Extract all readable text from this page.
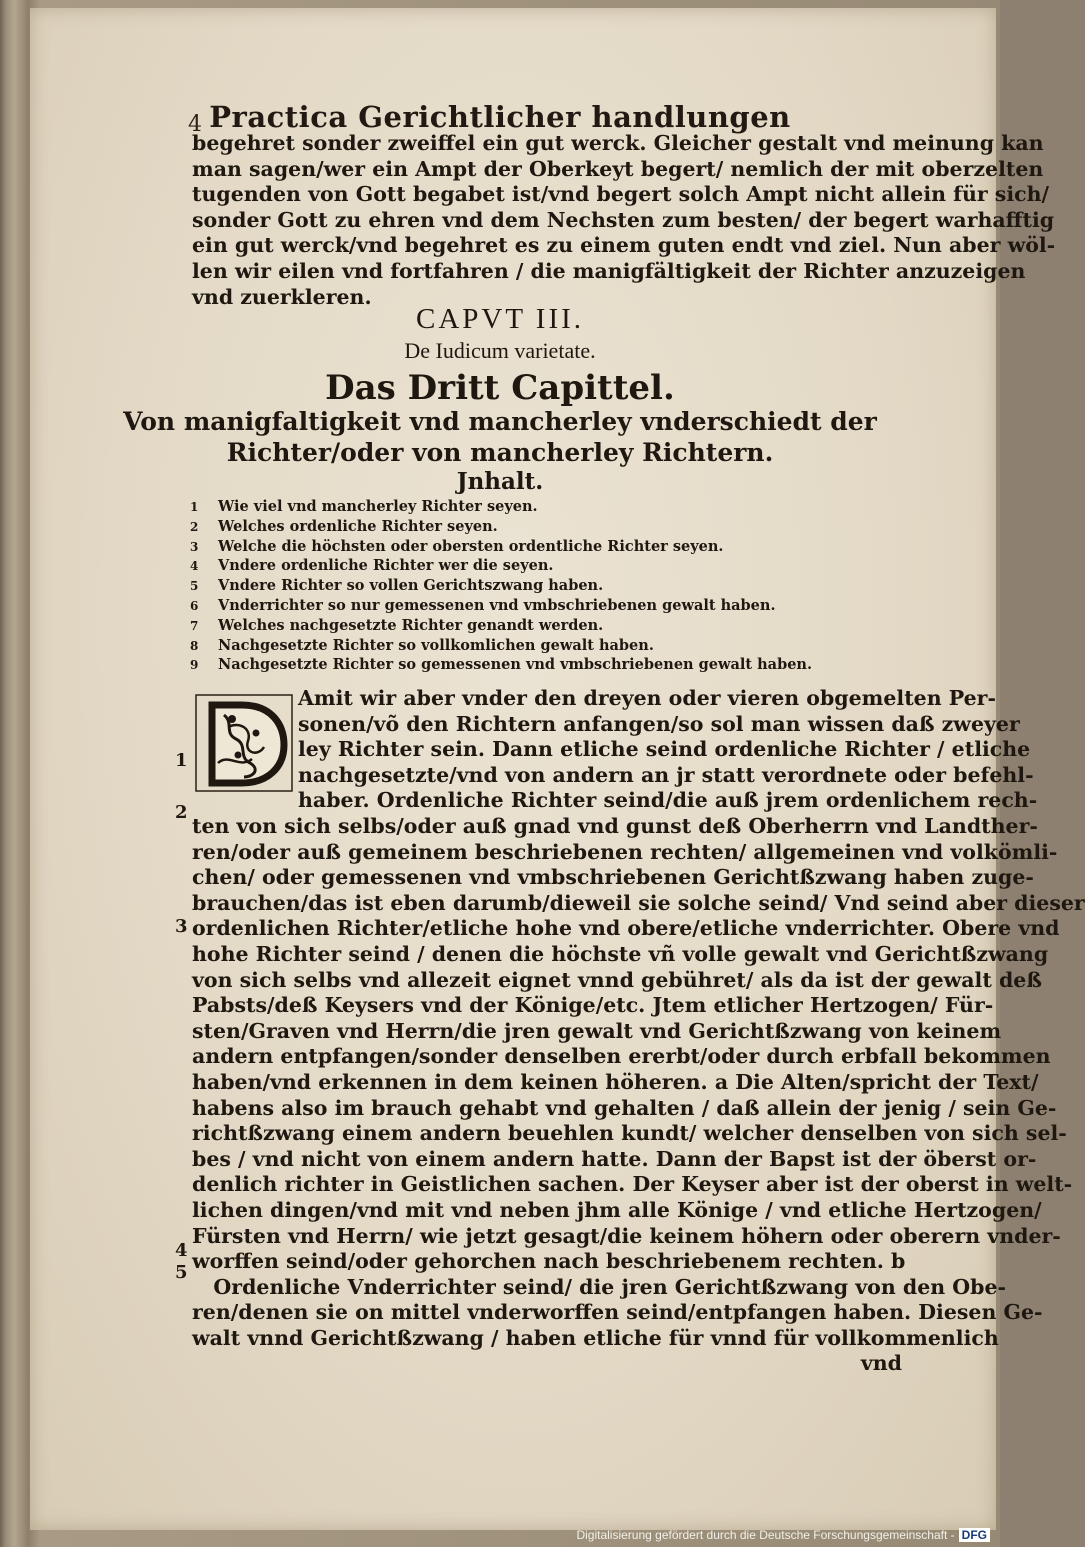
4 Practica Gerichtlicher handlungen
begehret sonder zweiffel ein gut werck. Gleicher gestalt vnd meinung kan
man sagen/wer ein Ampt der Oberkeyt begert/ nemlich der mit oberzelten
tugenden von Gott begabet ist/vnd begert solch Ampt nicht allein für sich/
sonder Gott zu ehren vnd dem Nechsten zum besten/ der begert warhafftig
ein gut werck/vnd begehret es zu einem guten endt vnd ziel. Nun aber wöl-
len wir eilen vnd fortfahren / die manigfältigkeit der Richter anzuzeigen
vnd zuerkleren.
CAPVT III.
De Iudicum varietate.
Das Dritt Capittel.
Von manigfaltigkeit vnd mancherley vnderschiedt der
Richter/oder von mancherley Richtern.
Jnhalt.
1 Wie viel vnd mancherley Richter seyen.
2 Welches ordenliche Richter seyen.
3 Welche die höchsten oder obersten ordentliche Richter seyen.
4 Vndere ordenliche Richter wer die seyen.
5 Vndere Richter so vollen Gerichtszwang haben.
6 Vnderrichter so nur gemessenen vnd vmbschriebenen gewalt haben.
7 Welches nachgesetzte Richter genandt werden.
8 Nachgesetzte Richter so vollkomlichen gewalt haben.
9 Nachgesetzte Richter so gemessenen vnd vmbschriebenen gewalt haben.
Amit wir aber vnder den dreyen oder vieren obgemelten Per-
sonen/võ den Richtern anfangen/so sol man wissen daß zweyer
ley Richter sein. Dann etliche seind ordenliche Richter / etliche
nachgesetzte/vnd von andern an jr statt verordnete oder befehl-
haber. Ordenliche Richter seind/die auß jrem ordenlichem rech-
ten von sich selbs/oder auß gnad vnd gunst deß Oberherrn vnd Landther-
ren/oder auß gemeinem beschriebenen rechten/ allgemeinen vnd volkömli-
chen/ oder gemessenen vnd vmbschriebenen Gerichtßzwang haben zuge-
brauchen/das ist eben darumb/dieweil sie solche seind/ Vnd seind aber dieser
ordenlichen Richter/etliche hohe vnd obere/etliche vnderrichter. Obere vnd
hohe Richter seind / denen die höchste vñ volle gewalt vnd Gerichtßzwang
von sich selbs vnd allezeit eignet vnnd gebühret/ als da ist der gewalt deß
Pabsts/deß Keysers vnd der Könige/etc. Jtem etlicher Hertzogen/ Für-
sten/Graven vnd Herrn/die jren gewalt vnd Gerichtßzwang von keinem
andern entpfangen/sonder denselben ererbt/oder durch erbfall bekommen
haben/vnd erkennen in dem keinen höheren. a Die Alten/spricht der Text/
habens also im brauch gehabt vnd gehalten / daß allein der jenig / sein Ge-
richtßzwang einem andern beuehlen kundt/ welcher denselben von sich sel-
bes / vnd nicht von einem andern hatte. Dann der Bapst ist der öberst or-
denlich richter in Geistlichen sachen. Der Keyser aber ist der oberst in welt-
lichen dingen/vnd mit vnd neben jhm alle Könige / vnd etliche Hertzogen/
Fürsten vnd Herrn/ wie jetzt gesagt/die keinem höhern oder oberern vnder-
worffen seind/oder gehorchen nach beschriebenem rechten. b
Ordenliche Vnderrichter seind/ die jren Gerichtßzwang von den Obe-
ren/denen sie on mittel vnderworffen seind/entpfangen haben. Diesen Ge-
walt vnnd Gerichtßzwang / haben etliche für vnnd für vollkommenlich
vnd
1
2
3
4
5
Digitalisierung gefördert durch die Deutsche Forschungsgemeinschaft - DFG
